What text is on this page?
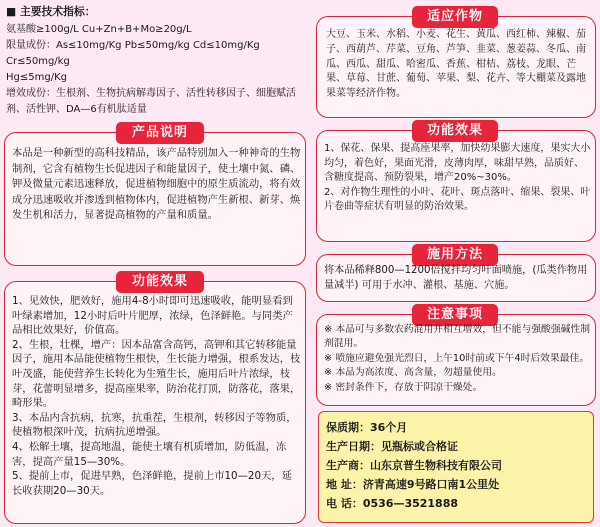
■ 主要技术指标：
氨基酸≥100g/L Cu+Zn+B+Mo≥20g/L
限量成份：As≤10mg/Kg Pb≤50mg/kg Cd≤10mg/Kg Cr≤50mg/kg
Hg≤5mg/Kg
增效成份：生根剂、生物抗病解毒因子、活性转移因子、细胞赋活剂、活性钾、DA—6有机肽适量
产品说明
本品是一种新型的高科技精品，该产品特别加入一种神奇的生物制剂，它含有植物生长促进因子和能量因子，使土壤中氮、磷、钾及微量元素迅速释放，促进植物细胞中的原生质流动，将有效成分迅速吸收并渗透到植物体内，促进植物产生新根、新芽、焕发生机和活力，显著提高植物的产量和质量。
功能效果
1、见效快，肥效好，施用4-8小时即可迅速吸收，能明显看到叶绿素增加，12小时后叶片肥厚，浓绿，色泽鲜艳。与同类产品相比效果好，价值高。
2、生根，壮棵，增产：因本品富含高钙，高钾和其它转移能量因子，施用本品能使植物生根快，生长能力增强，根系发达，枝叶茂盛，能使营养生长转化为生殖生长，施用后叶片浓绿，枝芽，花蕾明显增多，提高座果率，防治花打顶，防落花，落果，畸形果。
3、本品内含抗病，抗寒，抗重茬，生根剂，转移因子等物质，使植物根深叶茂，抗病抗逆增强。
4、松解土壤，提高地温，能使土壤有机质增加，防低温，冻害，提高产量15—30%。
5、提前上市，促进早熟，色泽鲜艳，提前上市10—20天，延长收获期20—30天。
适应作物
大豆、玉米、水稻、小麦、花生、黄瓜、西红柿、辣椒、茄子、西葫芦、芹菜、豆角、芦笋、韭菜、葱姜蒜、冬瓜、南瓜、西瓜、甜瓜、哈密瓜、香蕉、柑桔、荔枝、龙眼、芒果、草莓、甘蔗、葡萄、苹果、梨、花卉、等大棚菜及露地果菜等经济作物。
功能效果
1、保花、保果、提高座果率，加快幼果膨大速度，果实大小均匀，着色好，果面光滑，皮薄肉厚，味甜早熟，品质好、含糖度提高、预防裂果，增产20%~30%。
2、对作物生理性的小叶、花叶、斑点落叶、缩果、裂果、叶片卷曲等症状有明显的防治效果。
施用方法
将本品稀释800—1200倍搅拌均匀叶面喷施，(瓜类作物用量减半) 可用于水冲、灌根、基施、穴施。
注意事项
※ 本品可与多数农药混用并相互增效，但不能与强酸强碱性制剂混用。
※ 喷施应避免强光烈日，上午10时前或下午4时后效果最佳。
※ 本品为高浓度、高含量，勿超量使用。
※ 密封条件下，存放于阴凉干燥处。
保质期：36个月
生产日期：见瓶标或合格证
生产商：山东京普生物科技有限公司
地 址：济青高速9号路口南1公里处
电 话：0536—3521888
